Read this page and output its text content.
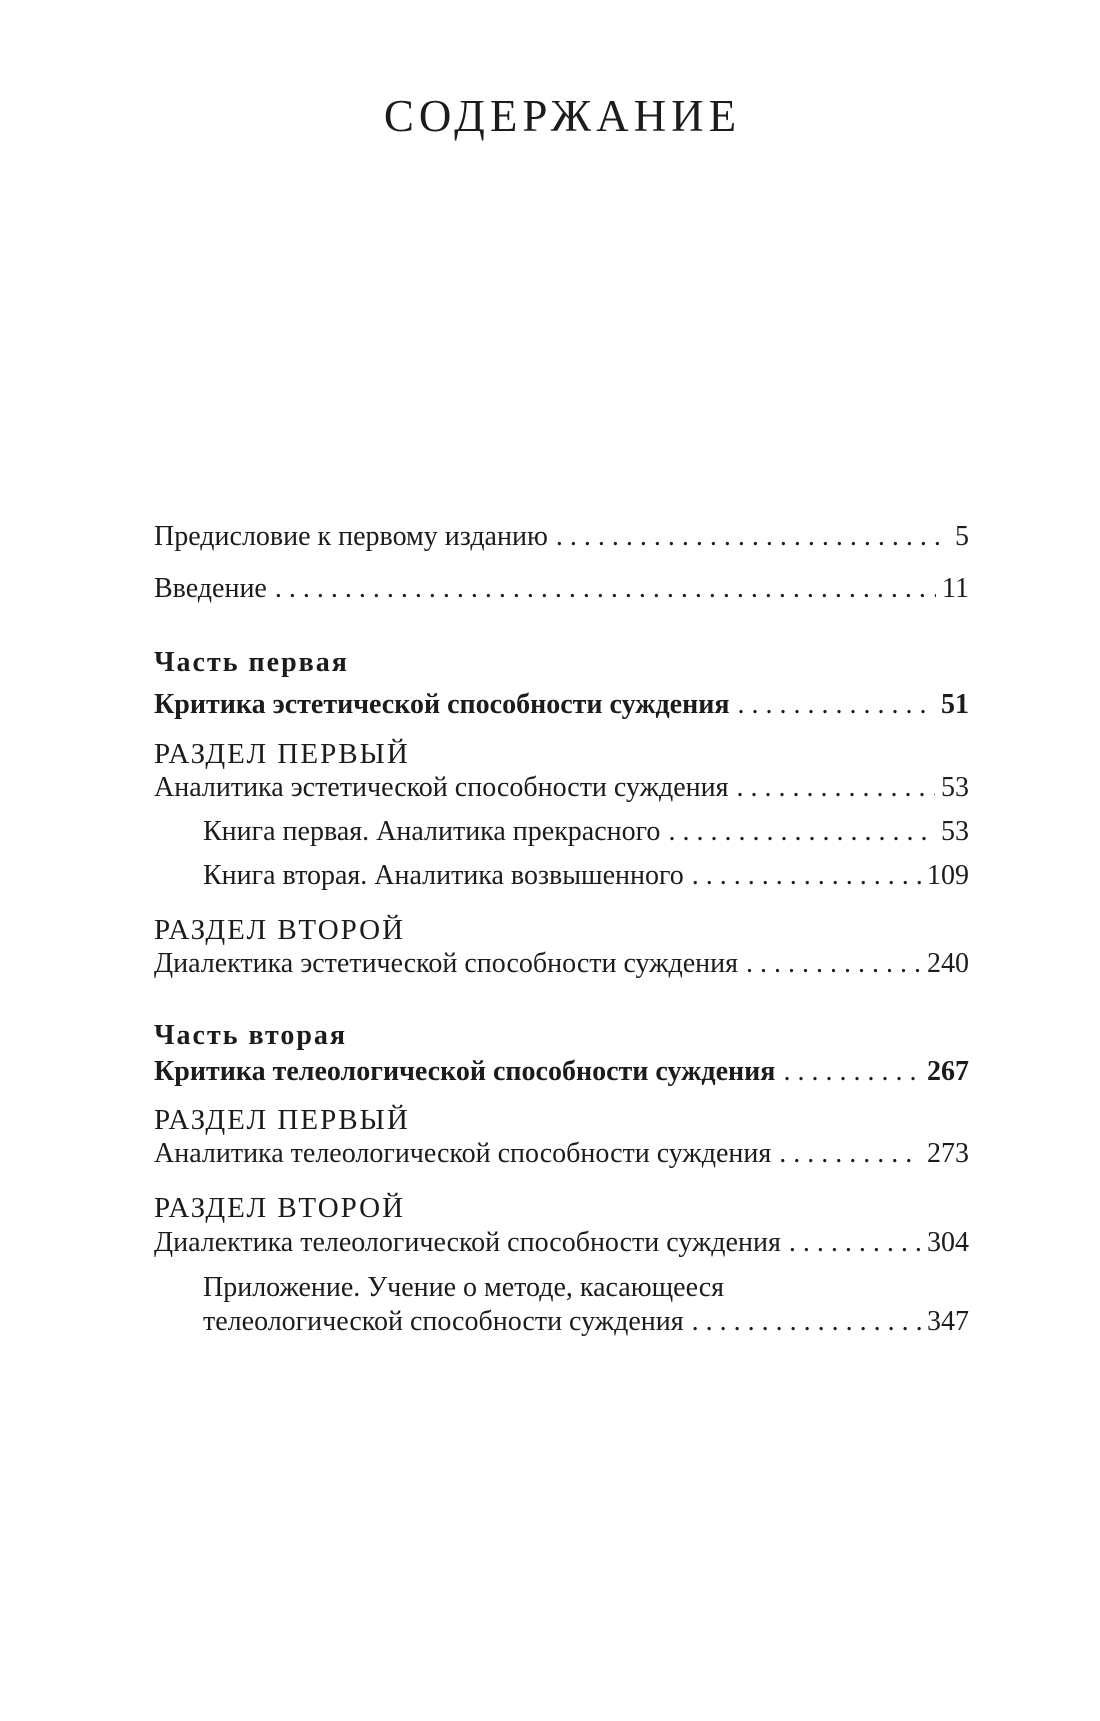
СОДЕРЖАНИЕ
Предисловие к первому изданию . . .	5
Введение . . .	11
Часть первая
Критика эстетической способности суждения . . .	51
РАЗДЕЛ ПЕРВЫЙ
Аналитика эстетической способности суждения . . .	53
Книга первая. Аналитика прекрасного . . .	53
Книга вторая. Аналитика возвышенного . . .	109
РАЗДЕЛ ВТОРОЙ
Диалектика эстетической способности суждения . . .	240
Часть вторая
Критика телеологической способности суждения . . .	267
РАЗДЕЛ ПЕРВЫЙ
Аналитика телеологической способности суждения . . .	273
РАЗДЕЛ ВТОРОЙ
Диалектика телеологической способности суждения . . .	304
Приложение. Учение о методе, касающееся
телеологической способности суждения . . .	347
